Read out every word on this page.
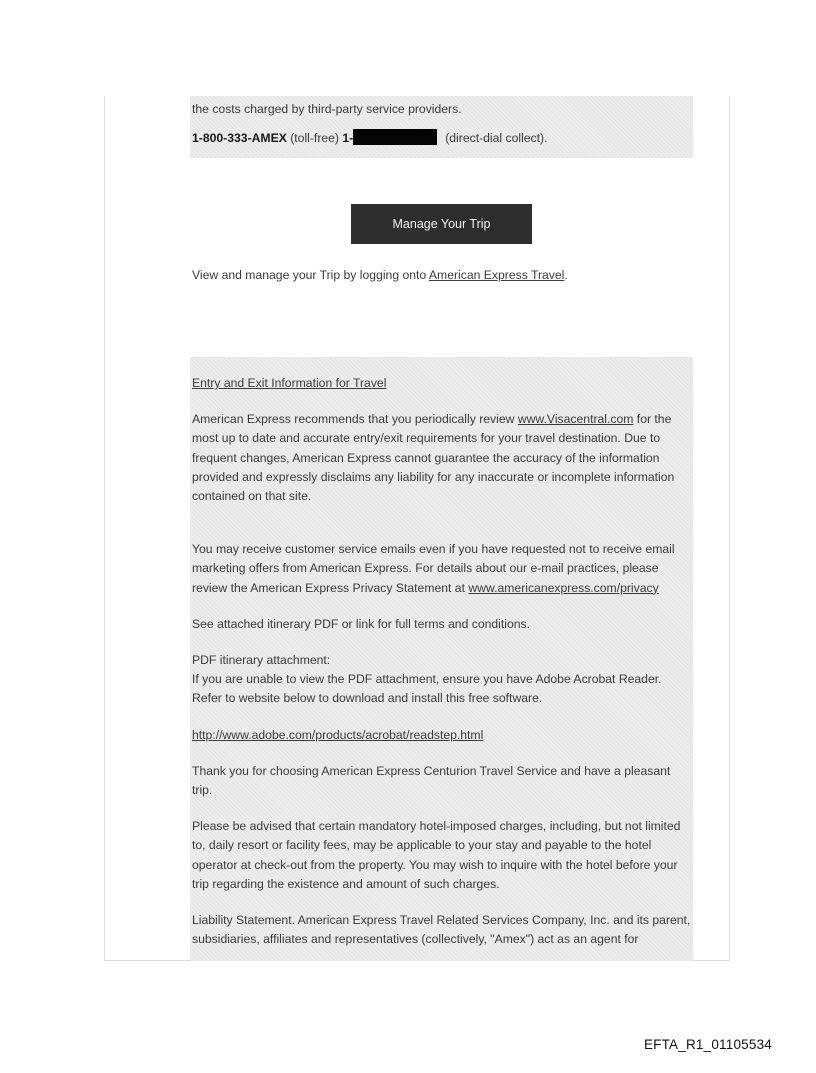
the costs charged by third-party service providers.

1-800-333-AMEX (toll-free) 1-	(direct-dial collect).

Manage Your Trip

View and manage your Trip by logging onto American Express Travel.

Entry and Exit Information for Travel

American Express recommends that you periodically review www.Visacentral.com for the most up to date and accurate entry/exit requirements for your travel destination. Due to frequent changes, American Express cannot guarantee the accuracy of the information provided and expressly disclaims any liability for any inaccurate or incomplete information contained on that site.

You may receive customer service emails even if you have requested not to receive email marketing offers from American Express. For details about our e-mail practices, please review the American Express Privacy Statement at www.americanexpress.com/privacy

See attached itinerary PDF or link for full terms and conditions.

PDF itinerary attachment:

If you are unable to view the PDF attachment, ensure you have Adobe Acrobat Reader. Refer to website below to download and install this free software.

http://www.adobe.com/products/acrobat/readstep.html

Thank you for choosing American Express Centurion Travel Service and have a pleasant trip.

Please be advised that certain mandatory hotel-imposed charges, including, but not limited to, daily resort or facility fees, may be applicable to your stay and payable to the hotel operator at check-out from the property. You may wish to inquire with the hotel before your trip regarding the existence and amount of such charges.

Liability Statement. American Express Travel Related Services Company, Inc. and its parent, subsidiaries, affiliates and representatives (collectively, "Amex") act as an agent for

EFTA_R1_01105534
